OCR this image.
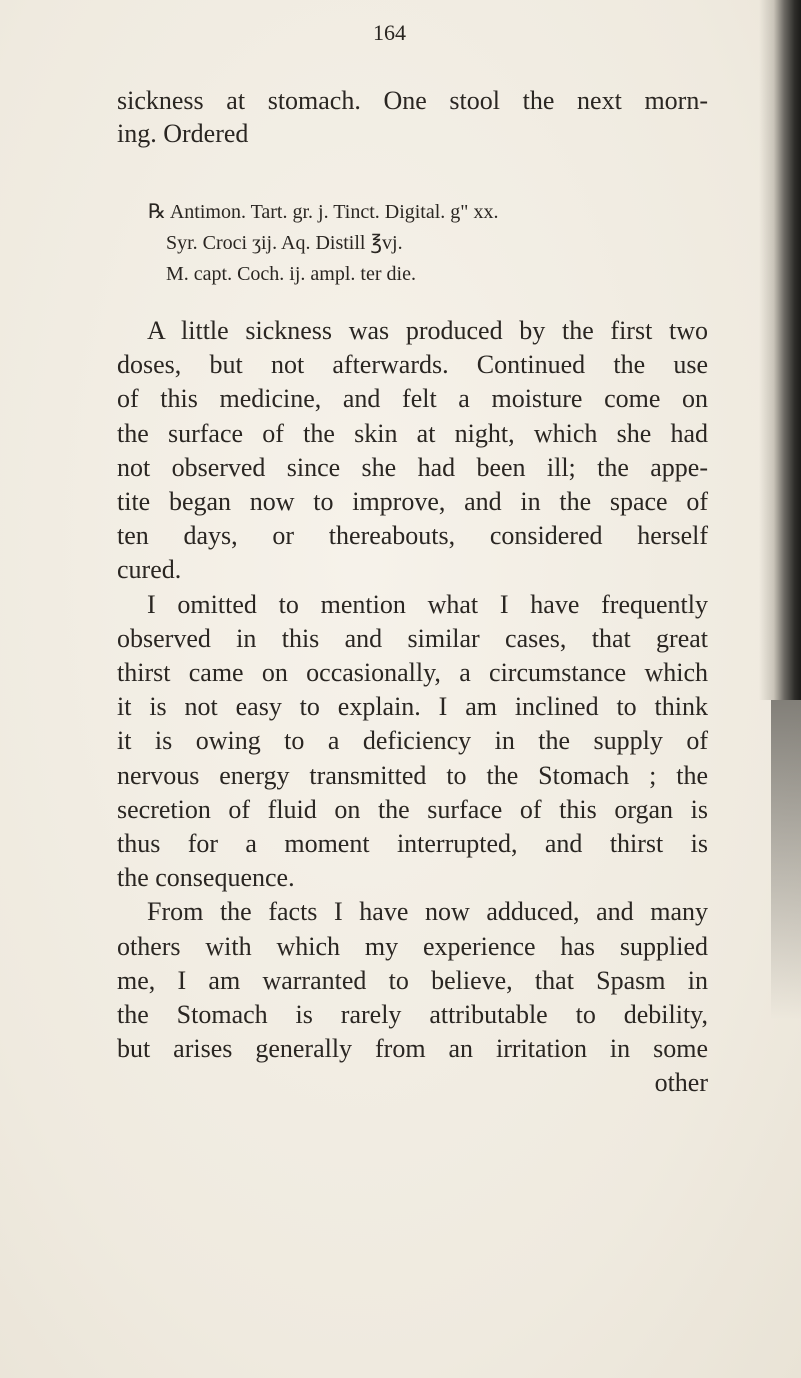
164
sickness at stomach. One stool the next morn-
ing. Ordered
℞ Antimon. Tart. gr. j. Tinct. Digital. g" xx.
Syr. Croci ʒij. Aq. Distill ℥vj.
M. capt. Coch. ij. ampl. ter die.
A little sickness was produced by the first two
doses, but not afterwards. Continued the use
of this medicine, and felt a moisture come on
the surface of the skin at night, which she had
not observed since she had been ill; the appe-
tite began now to improve, and in the space of
ten days, or thereabouts, considered herself
cured.
I omitted to mention what I have frequently
observed in this and similar cases, that great
thirst came on occasionally, a circumstance which
it is not easy to explain. I am inclined to think
it is owing to a deficiency in the supply of
nervous energy transmitted to the Stomach ; the
secretion of fluid on the surface of this organ is
thus for a moment interrupted, and thirst is
the consequence.
From the facts I have now adduced, and many
others with which my experience has supplied
me, I am warranted to believe, that Spasm in
the Stomach is rarely attributable to debility,
but arises generally from an irritation in some
other
